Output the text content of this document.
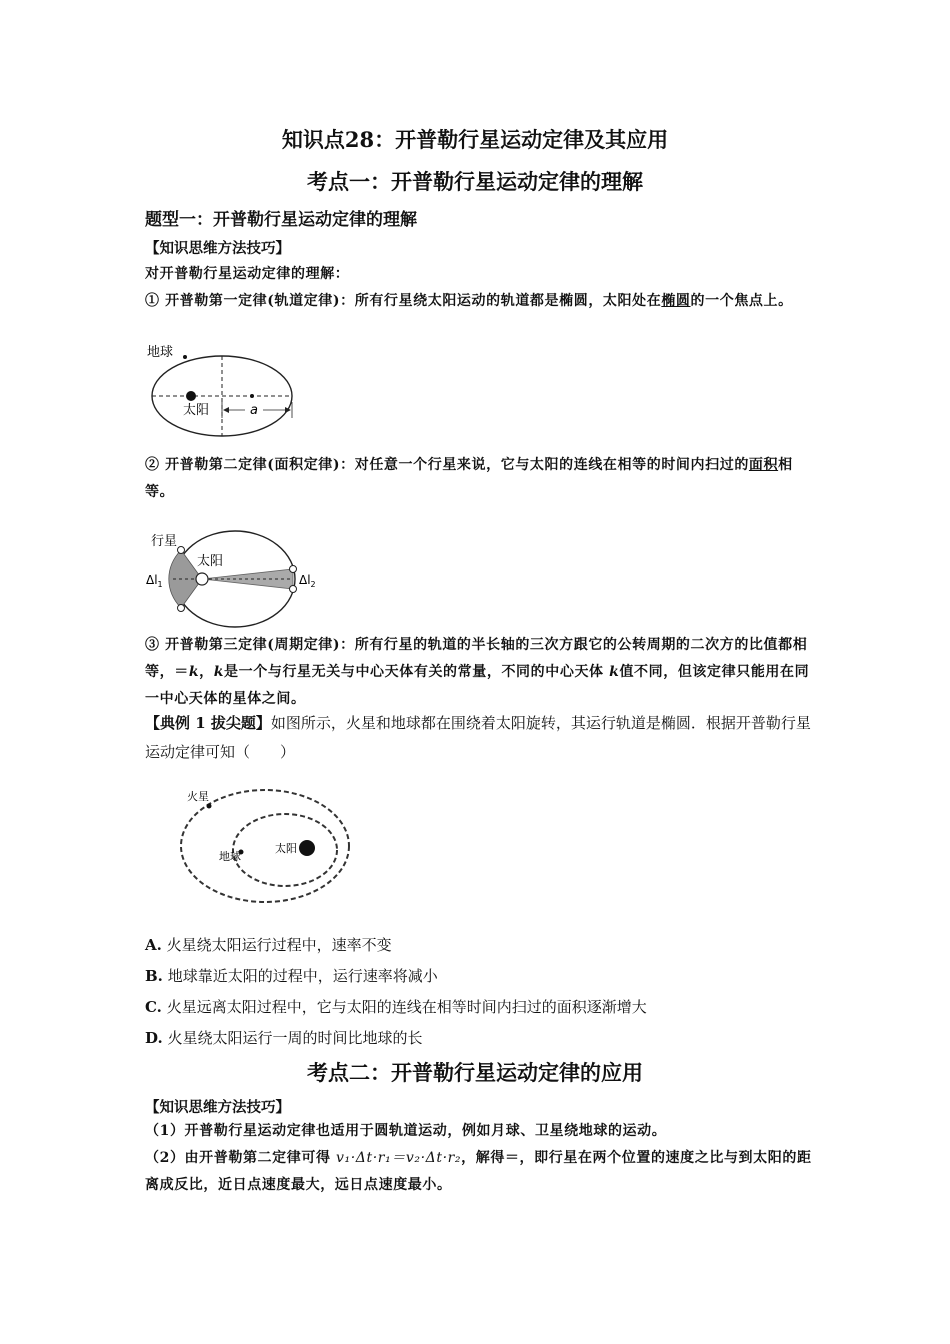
知识点28：开普勒行星运动定律及其应用
考点一：开普勒行星运动定律的理解
题型一：开普勒行星运动定律的理解
【知识思维方法技巧】
对开普勒行星运动定律的理解：
① 开普勒第一定律(轨道定律)：所有行星绕太阳运动的轨道都是椭圆，太阳处在椭圆的一个焦点上。
地球
太阳	a
② 开普勒第二定律(面积定律)：对任意一个行星来说，它与太阳的连线在相等的时间内扫过的面积相等。
行星
太阳
$\Delta l_1$	$\Delta l_2$
③ 开普勒第三定律(周期定律)：所有行星的轨道的半长轴的三次方跟它的公转周期的二次方的比值都相等，＝k，k是一个与行星无关与中心天体有关的常量，不同的中心天体 k值不同，但该定律只能用在同一中心天体的星体之间。
【典例 1 拔尖题】如图所示，火星和地球都在围绕着太阳旋转，其运行轨道是椭圆．根据开普勒行星运动定律可知（　　）
火星
地球
太阳
A. 火星绕太阳运行过程中，速率不变
B. 地球靠近太阳的过程中，运行速率将减小
C. 火星远离太阳过程中，它与太阳的连线在相等时间内扫过的面积逐渐增大
D. 火星绕太阳运行一周的时间比地球的长
考点二：开普勒行星运动定律的应用
【知识思维方法技巧】
（1）开普勒行星运动定律也适用于圆轨道运动，例如月球、卫星绕地球的运动。
（2）由开普勒第二定律可得 v₁·Δt·r₁＝v₂·Δt·r₂，解得＝，即行星在两个位置的速度之比与到太阳的距离成反比，近日点速度最大，远日点速度最小。
